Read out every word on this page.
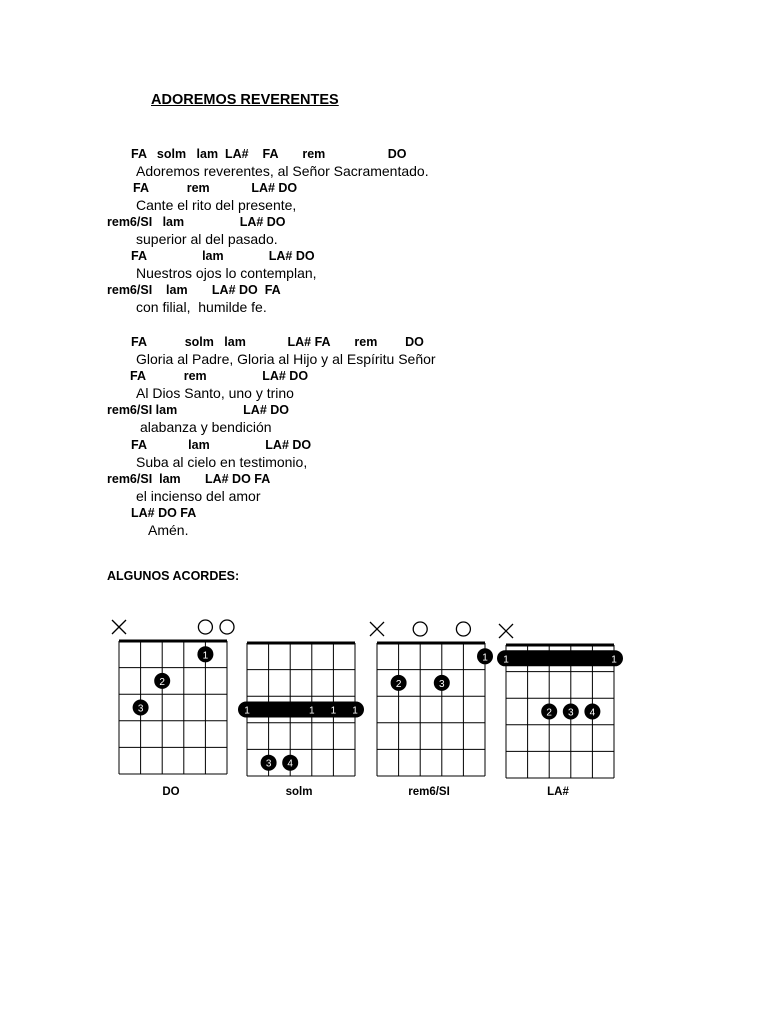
ADOREMOS REVERENTES
FA   solm   lam  LA#    FA       rem                  DO
Adoremos reverentes, al Señor Sacramentado.
FA           rem            LA# DO
Cante el rito del presente,
rem6/SI   lam                LA# DO
superior al del pasado.
FA                lam             LA# DO
Nuestros ojos lo contemplan,
rem6/SI    lam       LA# DO  FA
con filial,  humilde fe.
FA           solm   lam            LA# FA       rem        DO
Gloria al Padre, Gloria al Hijo y al Espíritu Señor
FA           rem                LA# DO
Al Dios Santo, uno y trino
rem6/SI lam                   LA# DO
alabanza y bendición
FA            lam                LA# DO
Suba al cielo en testimonio,
rem6/SI  lam       LA# DO FA
el incienso del amor
LA# DO FA
Amén.
ALGUNOS ACORDES:
1
2
3
DO
1	1 1 1
3 4
solm
1
2	3
rem6/SI
1	1
2 3 4
LA#
